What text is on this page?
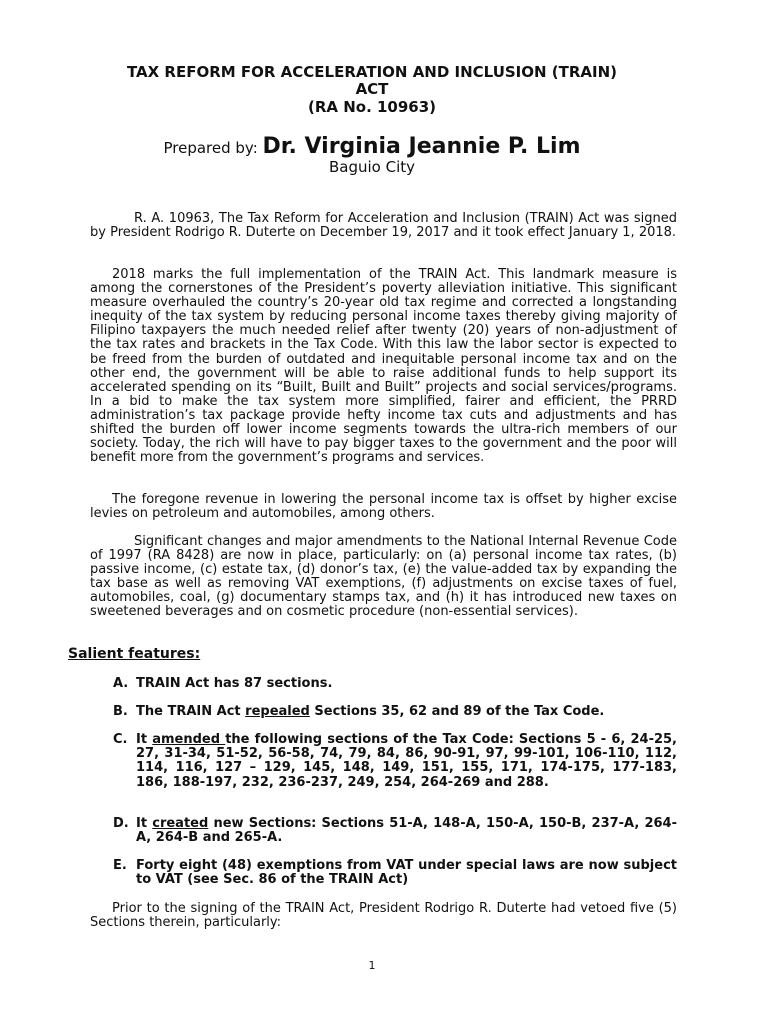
TAX REFORM FOR ACCELERATION AND INCLUSION (TRAIN)
ACT
(RA No. 10963)
Prepared by: Dr. Virginia Jeannie P. Lim
Baguio City
R. A. 10963, The Tax Reform for Acceleration and Inclusion (TRAIN) Act was signed by President Rodrigo R. Duterte on December 19, 2017 and it took effect January 1, 2018.
2018 marks the full implementation of the TRAIN Act. This landmark measure is among the cornerstones of the President’s poverty alleviation initiative. This significant measure overhauled the country’s 20-year old tax regime and corrected a longstanding inequity of the tax system by reducing personal income taxes thereby giving majority of Filipino taxpayers the much needed relief after twenty (20) years of non-adjustment of the tax rates and brackets in the Tax Code. With this law the labor sector is expected to be freed from the burden of outdated and inequitable personal income tax and on the other end, the government will be able to raise additional funds to help support its accelerated spending on its “Built, Built and Built” projects and social services/programs. In a bid to make the tax system more simplified, fairer and efficient, the PRRD administration’s tax package provide hefty income tax cuts and adjustments and has shifted the burden off lower income segments towards the ultra-rich members of our society. Today, the rich will have to pay bigger taxes to the government and the poor will benefit more from the government’s programs and services.
The foregone revenue in lowering the personal income tax is offset by higher excise levies on petroleum and automobiles, among others.
Significant changes and major amendments to the National Internal Revenue Code of 1997 (RA 8428) are now in place, particularly: on (a) personal income tax rates, (b) passive income, (c) estate tax, (d) donor’s tax, (e) the value-added tax by expanding the tax base as well as removing VAT exemptions, (f) adjustments on excise taxes of fuel, automobiles, coal, (g) documentary stamps tax, and (h) it has introduced new taxes on sweetened beverages and on cosmetic procedure (non-essential services).
Salient features:
A. TRAIN Act has 87 sections.
B. The TRAIN Act repealed Sections 35, 62 and 89 of the Tax Code.
C. It amended the following sections of the Tax Code: Sections 5 - 6, 24-25, 27, 31-34, 51-52, 56-58, 74, 79, 84, 86, 90-91, 97, 99-101, 106-110, 112, 114, 116, 127 – 129, 145, 148, 149, 151, 155, 171, 174-175, 177-183, 186, 188-197, 232, 236-237, 249, 254, 264-269 and 288.
D. It created new Sections: Sections 51-A, 148-A, 150-A, 150-B, 237-A, 264-A, 264-B and 265-A.
E. Forty eight (48) exemptions from VAT under special laws are now subject to VAT (see Sec. 86 of the TRAIN Act)
Prior to the signing of the TRAIN Act, President Rodrigo R. Duterte had vetoed five (5) Sections therein, particularly:
1
